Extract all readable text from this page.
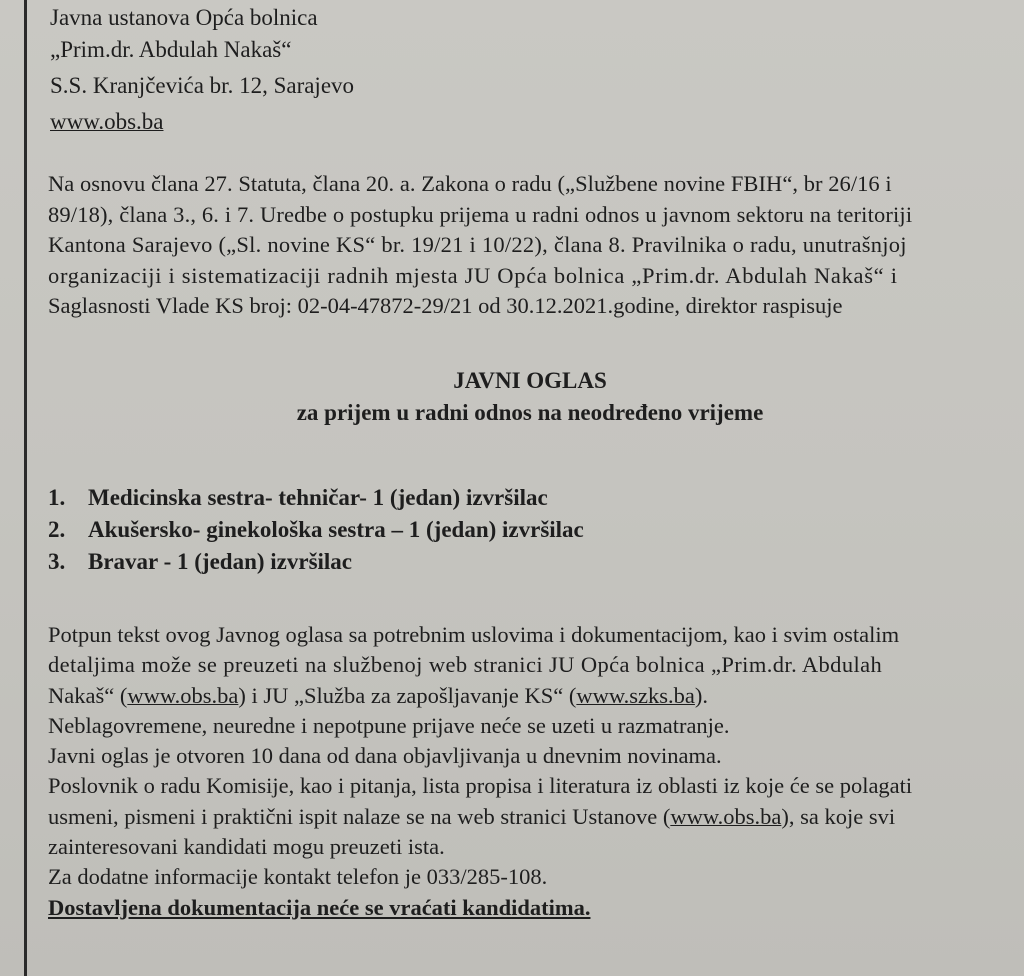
Javna ustanova Opća bolnica
„Prim.dr. Abdulah Nakaš“
S.S. Kranjčevića br. 12, Sarajevo
www.obs.ba
Na osnovu člana 27. Statuta, člana 20. a. Zakona o radu („Službene novine FBIH“, br 26/16 i
89/18), člana 3., 6. i 7. Uredbe o postupku prijema u radni odnos u javnom sektoru na teritoriji
Kantona Sarajevo („Sl. novine KS“ br. 19/21 i 10/22), člana 8. Pravilnika o radu, unutrašnjoj
organizaciji i sistematizaciji radnih mjesta JU Opća bolnica „Prim.dr. Abdulah Nakaš“ i
Saglasnosti Vlade KS broj: 02-04-47872-29/21 od 30.12.2021.godine, direktor raspisuje
JAVNI OGLAS
za prijem u radni odnos na neodređeno vrijeme
1. Medicinska sestra- tehničar- 1 (jedan) izvršilac
2. Akušersko- ginekološka sestra – 1 (jedan) izvršilac
3. Bravar - 1 (jedan) izvršilac
Potpun tekst ovog Javnog oglasa sa potrebnim uslovima i dokumentacijom, kao i svim ostalim
detaljima može se preuzeti na službenoj web stranici JU Opća bolnica „Prim.dr. Abdulah
Nakaš“ (www.obs.ba) i JU „Služba za zapošljavanje KS“ (www.szks.ba).
Neblagovremene, neuredne i nepotpune prijave neće se uzeti u razmatranje.
Javni oglas je otvoren 10 dana od dana objavljivanja u dnevnim novinama.
Poslovnik o radu Komisije, kao i pitanja, lista propisa i literatura iz oblasti iz koje će se polagati
usmeni, pismeni i praktični ispit nalaze se na web stranici Ustanove (www.obs.ba), sa koje svi
zainteresovani kandidati mogu preuzeti ista.
Za dodatne informacije kontakt telefon je 033/285-108.
Dostavljena dokumentacija neće se vraćati kandidatima.
